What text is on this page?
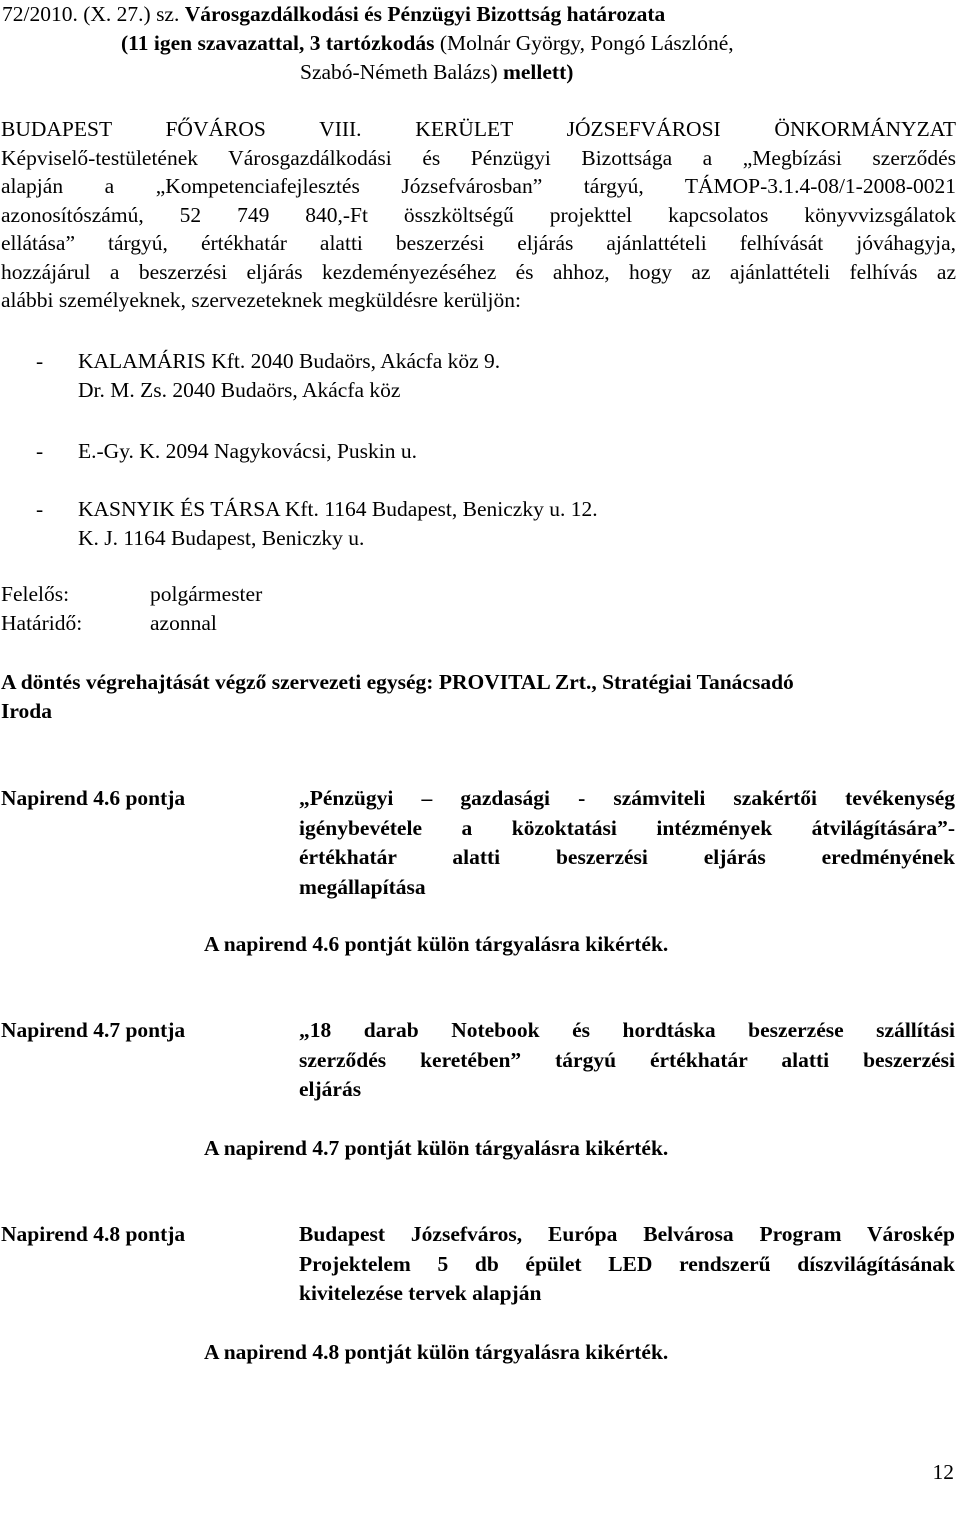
72/2010. (X. 27.) sz. Városgazdálkodási és Pénzügyi Bizottság határozata
(11 igen szavazattal, 3 tartózkodás (Molnár György, Pongó Lászlóné,
Szabó-Németh Balázs) mellett)
BUDAPEST FŐVÁROS VIII. KERÜLET JÓZSEFVÁROSI ÖNKORMÁNYZAT
Képviselő-testületének Városgazdálkodási és Pénzügyi Bizottsága a „Megbízási szerződés
alapján a „Kompetenciafejlesztés Józsefvárosban” tárgyú, TÁMOP-3.1.4-08/1-2008-0021
azonosítószámú, 52 749 840,-Ft összköltségű projekttel kapcsolatos könyvvizsgálatok
ellátása” tárgyú, értékhatár alatti beszerzési eljárás ajánlattételi felhívását jóváhagyja,
hozzájárul a beszerzési eljárás kezdeményezéséhez és ahhoz, hogy az ajánlattételi felhívás az
alábbi személyeknek, szervezeteknek megküldésre kerüljön:
- KALAMÁRIS Kft. 2040 Budaörs, Akácfa köz 9.
Dr. M. Zs. 2040 Budaörs, Akácfa köz
- E.-Gy. K. 2094 Nagykovácsi, Puskin u.
- KASNYIK ÉS TÁRSA Kft. 1164 Budapest, Beniczky u. 12.
K. J. 1164 Budapest, Beniczky u.
Felelős:	polgármester
Határidő:	azonnal
A döntés végrehajtását végző szervezeti egység: PROVITAL Zrt., Stratégiai Tanácsadó
Iroda
Napirend 4.6 pontja	„Pénzügyi – gazdasági - számviteli szakértői tevékenység
igénybevétele a közoktatási intézmények átvilágítására”-
értékhatár alatti beszerzési eljárás eredményének
megállapítása
A napirend 4.6 pontját külön tárgyalásra kikérték.
Napirend 4.7 pontja	„18 darab Notebook és hordtáska beszerzése szállítási
szerződés keretében” tárgyú értékhatár alatti beszerzési
eljárás
A napirend 4.7 pontját külön tárgyalásra kikérték.
Napirend 4.8 pontja	Budapest Józsefváros, Európa Belvárosa Program Városkép
Projektelem 5 db épület LED rendszerű díszvilágításának
kivitelezése tervek alapján
A napirend 4.8 pontját külön tárgyalásra kikérték.
12
